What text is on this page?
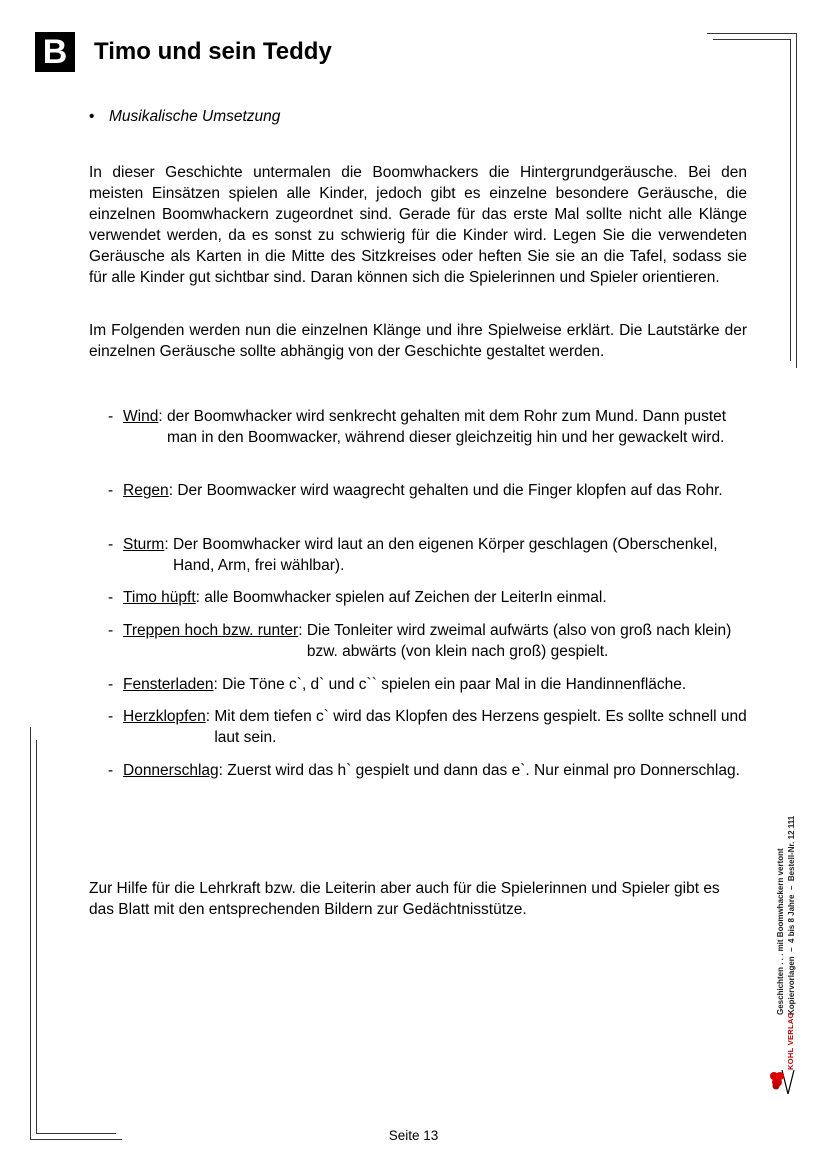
B	Timo und sein Teddy
• Musikalische Umsetzung

In dieser Geschichte untermalen die Boomwhackers die Hintergrundgeräusche. Bei den meisten Einsätzen spielen alle Kinder, jedoch gibt es einzelne besondere Geräusche, die einzelnen Boomwhackern zugeordnet sind. Gerade für das erste Mal sollte nicht alle Klänge verwendet werden, da es sonst zu schwierig für die Kinder wird. Legen Sie die verwendeten Geräusche als Karten in die Mitte des Sitzkreises oder heften Sie sie an die Tafel, sodass sie für alle Kinder gut sichtbar sind. Daran können sich die Spielerinnen und Spieler orientieren.

Im Folgenden werden nun die einzelnen Klänge und ihre Spielweise erklärt. Die Lautstärke der einzelnen Geräusche sollte abhängig von der Geschichte gestaltet werden.

- Wind : der Boomwhacker wird senkrecht gehalten mit dem Rohr zum Mund. Dann pustet man in den Boomwacker, während dieser gleichzeitig hin und her gewackelt wird.
- Regen : Der Boomwacker wird waagrecht gehalten und die Finger klopfen auf das Rohr.
- Sturm : Der Boomwhacker wird laut an den eigenen Körper geschlagen (Oberschenkel, Hand, Arm, frei wählbar).
- Timo hüpft : alle Boomwhacker spielen auf Zeichen der LeiterIn einmal.
- Treppen hoch bzw. runter : Die Tonleiter wird zweimal aufwärts (also von groß nach klein) bzw. abwärts (von klein nach groß) gespielt.
- Fensterladen : Die Töne c`, d` und c`` spielen ein paar Mal in die Handinnenfläche.
- Herzklopfen : Mit dem tiefen c` wird das Klopfen des Herzens gespielt. Es sollte schnell und laut sein.
- Donnerschlag : Zuerst wird das h` gespielt und dann das e`. Nur einmal pro Donnerschlag.

Zur Hilfe für die Lehrkraft bzw. die Leiterin aber auch für die Spielerinnen und Spieler gibt es das Blatt mit den entsprechenden Bildern zur Gedächtnisstütze.	Geschichten . . . mit Boomwhackern vertont Kopiervorlagen  –  4 bis 8 Jahre  –  Bestell-Nr. 12 111
KOHL VERLAG
Seite 13
